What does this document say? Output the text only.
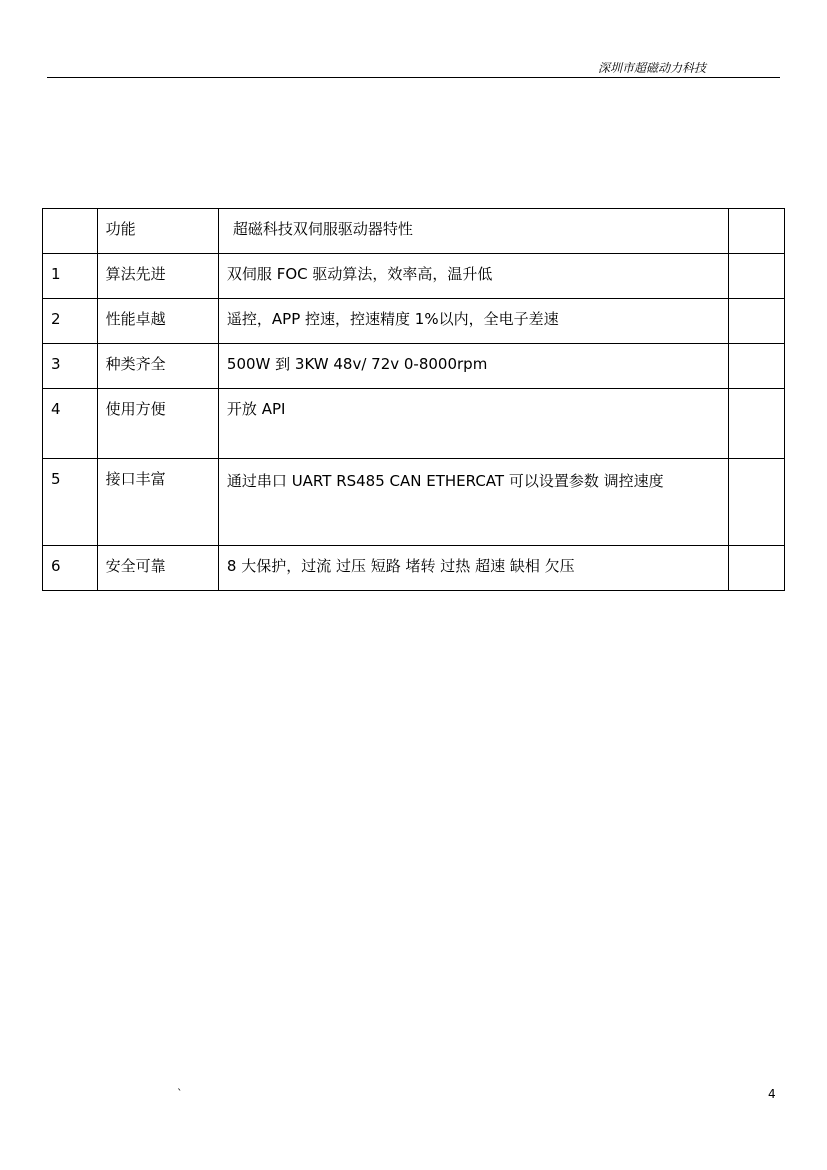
深圳市超磁动力科技
	功能	超磁科技双伺服驱动器特性	
1	算法先进	双伺服 FOC 驱动算法，效率高，温升低	
2	性能卓越	遥控，APP 控速，控速精度 1%以内，全电子差速	
3	种类齐全	500W 到 3KW 48v/ 72v 0-8000rpm	
4	使用方便	开放 API	
5	接口丰富	通过串口 UART RS485 CAN ETHERCAT 可以设置参数 调控速度	
6	安全可靠	8 大保护，过流 过压 短路 堵转 过热 超速 缺相 欠压	
`	4
